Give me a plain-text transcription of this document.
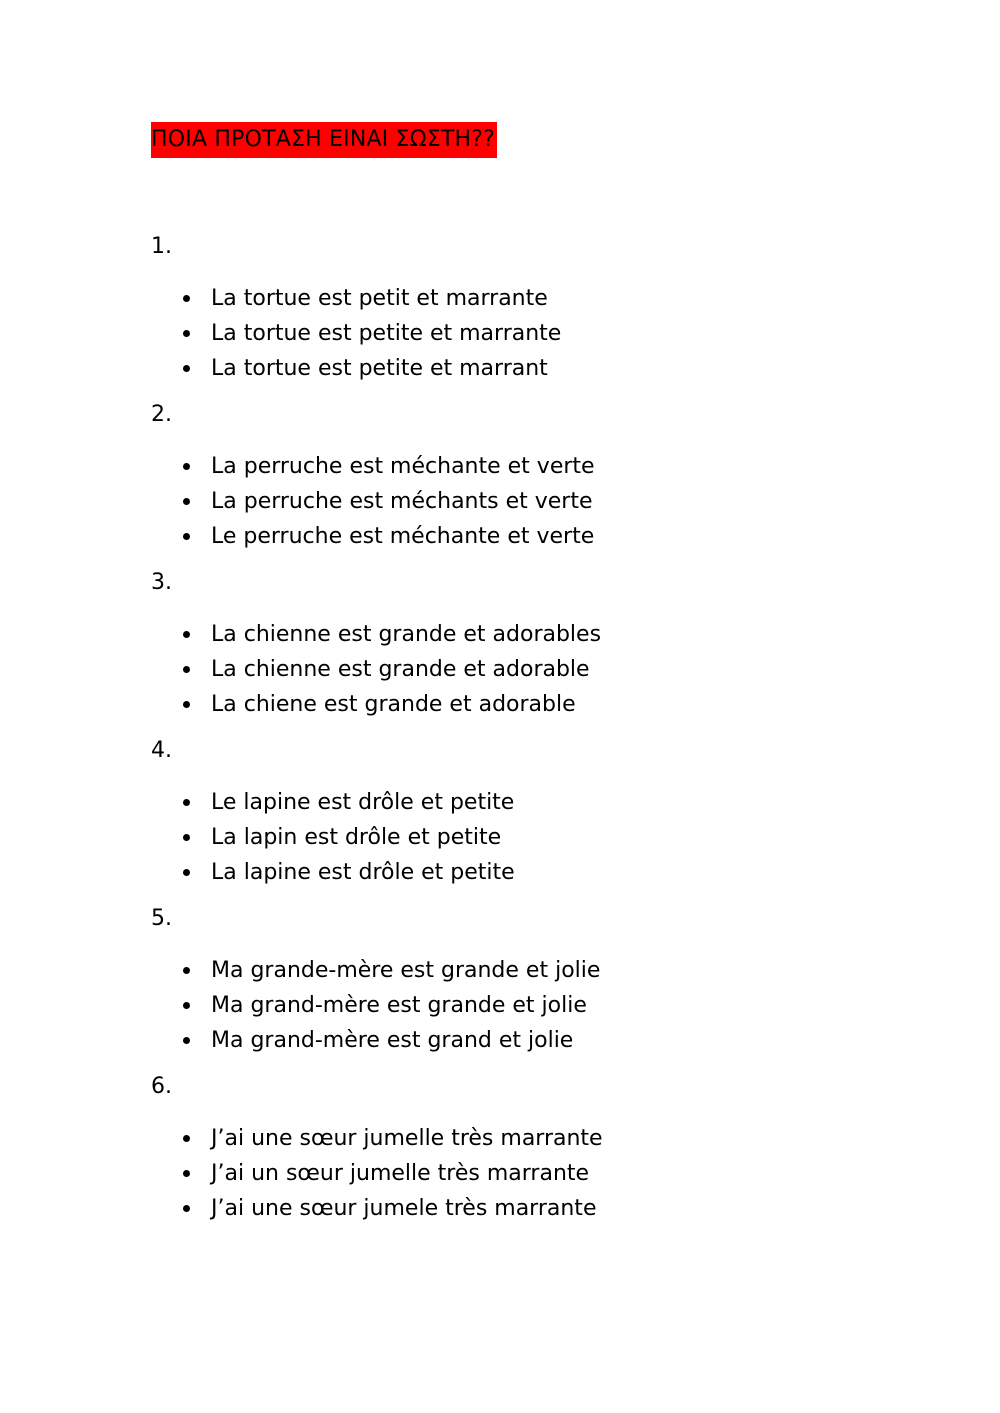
ΠΟΙΑ ΠΡΟΤΑΣΗ ΕΙΝΑΙ ΣΩΣΤΗ??

1.

La tortue est petit et marrante
La tortue est petite et marrante
La tortue est petite et marrant

2.

La perruche est méchante et verte
La perruche est méchants et verte
Le perruche est méchante et verte

3.

La chienne est grande et adorables
La chienne est grande et adorable
La chiene est grande et adorable

4.

Le lapine est drôle et petite
La lapin est drôle et petite
La lapine est drôle et petite

5.

Ma grande-mère est grande et jolie
Ma grand-mère est grande et jolie
Ma grand-mère est grand et jolie

6.

J’ai une sœur jumelle très marrante
J’ai un sœur jumelle très marrante
J’ai une sœur jumele très marrante
